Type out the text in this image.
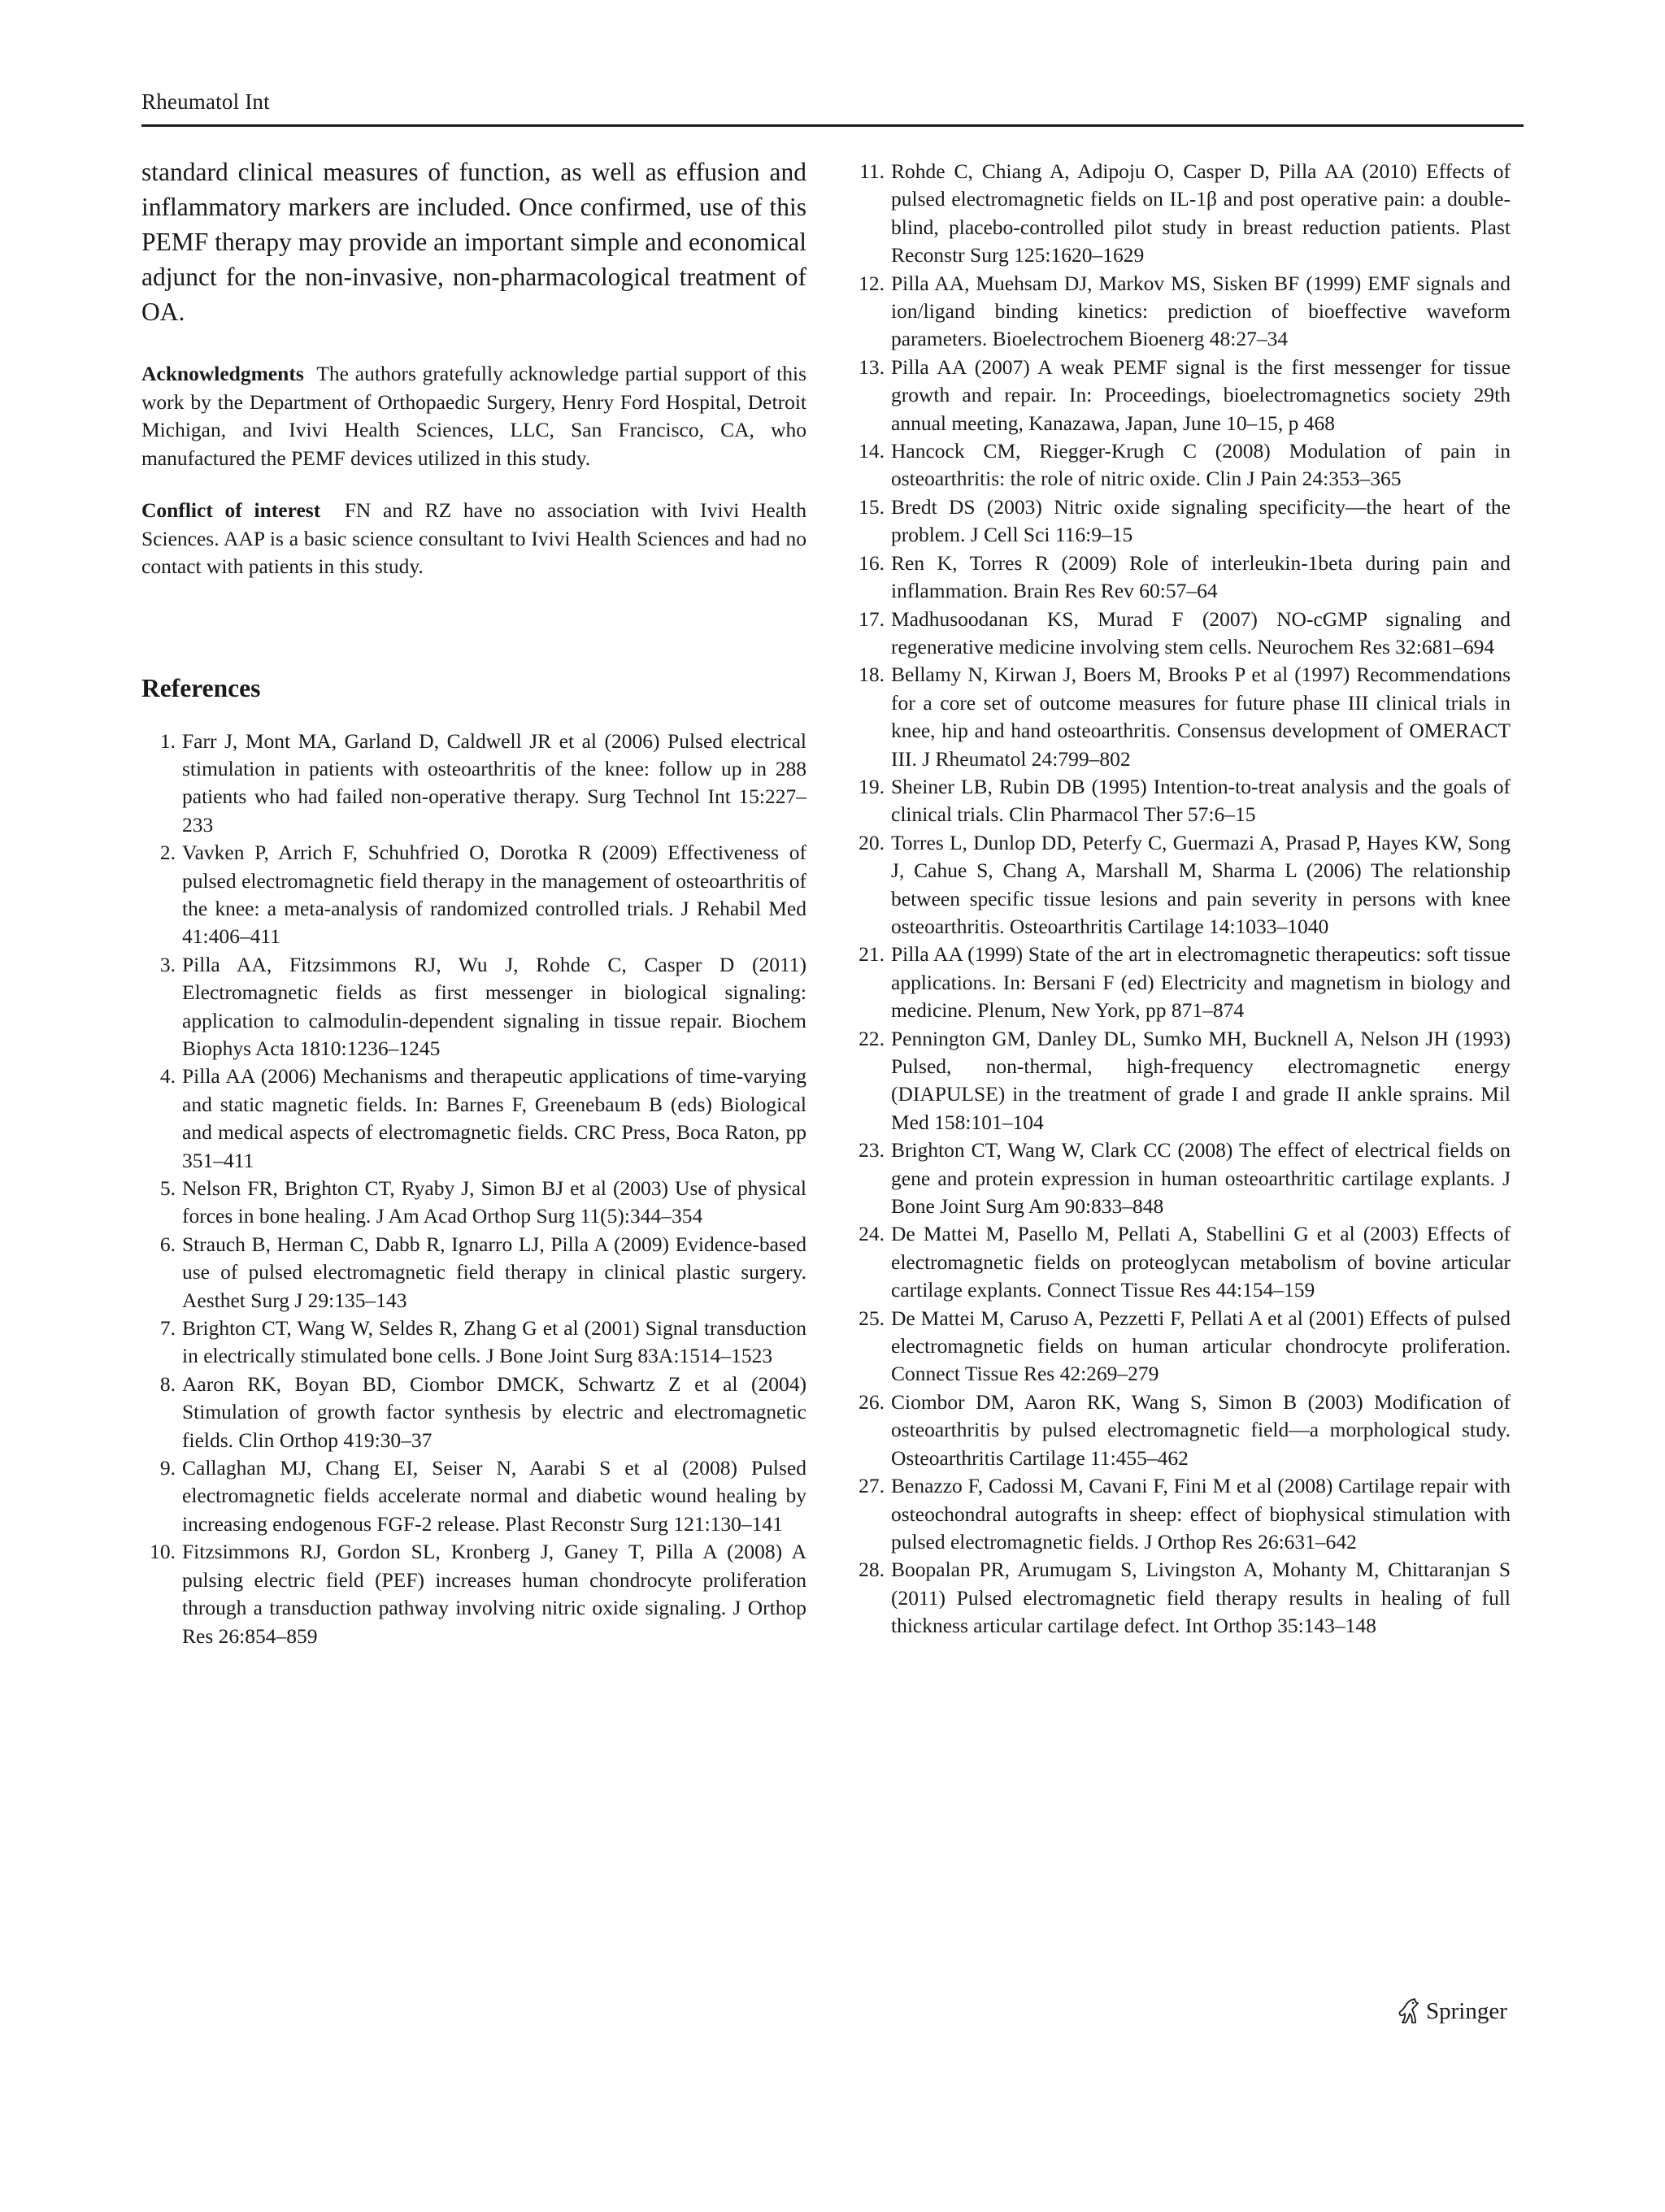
Rheumatol Int

standard clinical measures of function, as well as effusion and inflammatory markers are included. Once confirmed, use of this PEMF therapy may provide an important simple and economical adjunct for the non-invasive, non-pharmacological treatment of OA.

Acknowledgments The authors gratefully acknowledge partial support of this work by the Department of Orthopaedic Surgery, Henry Ford Hospital, Detroit Michigan, and Ivivi Health Sciences, LLC, San Francisco, CA, who manufactured the PEMF devices utilized in this study.

Conflict of interest FN and RZ have no association with Ivivi Health Sciences. AAP is a basic science consultant to Ivivi Health Sciences and had no contact with patients in this study.

References
1. Farr J, Mont MA, Garland D, Caldwell JR et al (2006) Pulsed electrical stimulation in patients with osteoarthritis of the knee: follow up in 288 patients who had failed non-operative therapy. Surg Technol Int 15:227–233
2. Vavken P, Arrich F, Schuhfried O, Dorotka R (2009) Effectiveness of pulsed electromagnetic field therapy in the management of osteoarthritis of the knee: a meta-analysis of randomized controlled trials. J Rehabil Med 41:406–411
3. Pilla AA, Fitzsimmons RJ, Wu J, Rohde C, Casper D (2011) Electromagnetic fields as first messenger in biological signaling: application to calmodulin-dependent signaling in tissue repair. Biochem Biophys Acta 1810:1236–1245
4. Pilla AA (2006) Mechanisms and therapeutic applications of time-varying and static magnetic fields. In: Barnes F, Greenebaum B (eds) Biological and medical aspects of electromagnetic fields. CRC Press, Boca Raton, pp 351–411
5. Nelson FR, Brighton CT, Ryaby J, Simon BJ et al (2003) Use of physical forces in bone healing. J Am Acad Orthop Surg 11(5):344–354
6. Strauch B, Herman C, Dabb R, Ignarro LJ, Pilla A (2009) Evidence-based use of pulsed electromagnetic field therapy in clinical plastic surgery. Aesthet Surg J 29:135–143
7. Brighton CT, Wang W, Seldes R, Zhang G et al (2001) Signal transduction in electrically stimulated bone cells. J Bone Joint Surg 83A:1514–1523
8. Aaron RK, Boyan BD, Ciombor DMCK, Schwartz Z et al (2004) Stimulation of growth factor synthesis by electric and electromagnetic fields. Clin Orthop 419:30–37
9. Callaghan MJ, Chang EI, Seiser N, Aarabi S et al (2008) Pulsed electromagnetic fields accelerate normal and diabetic wound healing by increasing endogenous FGF-2 release. Plast Reconstr Surg 121:130–141
10. Fitzsimmons RJ, Gordon SL, Kronberg J, Ganey T, Pilla A (2008) A pulsing electric field (PEF) increases human chondrocyte proliferation through a transduction pathway involving nitric oxide signaling. J Orthop Res 26:854–859
11. Rohde C, Chiang A, Adipoju O, Casper D, Pilla AA (2010) Effects of pulsed electromagnetic fields on IL-1β and post operative pain: a double-blind, placebo-controlled pilot study in breast reduction patients. Plast Reconstr Surg 125:1620–1629
12. Pilla AA, Muehsam DJ, Markov MS, Sisken BF (1999) EMF signals and ion/ligand binding kinetics: prediction of bioeffective waveform parameters. Bioelectrochem Bioenerg 48:27–34
13. Pilla AA (2007) A weak PEMF signal is the first messenger for tissue growth and repair. In: Proceedings, bioelectromagnetics society 29th annual meeting, Kanazawa, Japan, June 10–15, p 468
14. Hancock CM, Riegger-Krugh C (2008) Modulation of pain in osteoarthritis: the role of nitric oxide. Clin J Pain 24:353–365
15. Bredt DS (2003) Nitric oxide signaling specificity—the heart of the problem. J Cell Sci 116:9–15
16. Ren K, Torres R (2009) Role of interleukin-1beta during pain and inflammation. Brain Res Rev 60:57–64
17. Madhusoodanan KS, Murad F (2007) NO-cGMP signaling and regenerative medicine involving stem cells. Neurochem Res 32:681–694
18. Bellamy N, Kirwan J, Boers M, Brooks P et al (1997) Recommendations for a core set of outcome measures for future phase III clinical trials in knee, hip and hand osteoarthritis. Consensus development of OMERACT III. J Rheumatol 24:799–802
19. Sheiner LB, Rubin DB (1995) Intention-to-treat analysis and the goals of clinical trials. Clin Pharmacol Ther 57:6–15
20. Torres L, Dunlop DD, Peterfy C, Guermazi A, Prasad P, Hayes KW, Song J, Cahue S, Chang A, Marshall M, Sharma L (2006) The relationship between specific tissue lesions and pain severity in persons with knee osteoarthritis. Osteoarthritis Cartilage 14:1033–1040
21. Pilla AA (1999) State of the art in electromagnetic therapeutics: soft tissue applications. In: Bersani F (ed) Electricity and magnetism in biology and medicine. Plenum, New York, pp 871–874
22. Pennington GM, Danley DL, Sumko MH, Bucknell A, Nelson JH (1993) Pulsed, non-thermal, high-frequency electromagnetic energy (DIAPULSE) in the treatment of grade I and grade II ankle sprains. Mil Med 158:101–104
23. Brighton CT, Wang W, Clark CC (2008) The effect of electrical fields on gene and protein expression in human osteoarthritic cartilage explants. J Bone Joint Surg Am 90:833–848
24. De Mattei M, Pasello M, Pellati A, Stabellini G et al (2003) Effects of electromagnetic fields on proteoglycan metabolism of bovine articular cartilage explants. Connect Tissue Res 44:154–159
25. De Mattei M, Caruso A, Pezzetti F, Pellati A et al (2001) Effects of pulsed electromagnetic fields on human articular chondrocyte proliferation. Connect Tissue Res 42:269–279
26. Ciombor DM, Aaron RK, Wang S, Simon B (2003) Modification of osteoarthritis by pulsed electromagnetic field—a morphological study. Osteoarthritis Cartilage 11:455–462
27. Benazzo F, Cadossi M, Cavani F, Fini M et al (2008) Cartilage repair with osteochondral autografts in sheep: effect of biophysical stimulation with pulsed electromagnetic fields. J Orthop Res 26:631–642
28. Boopalan PR, Arumugam S, Livingston A, Mohanty M, Chittaranjan S (2011) Pulsed electromagnetic field therapy results in healing of full thickness articular cartilage defect. Int Orthop 35:143–148
Springer
